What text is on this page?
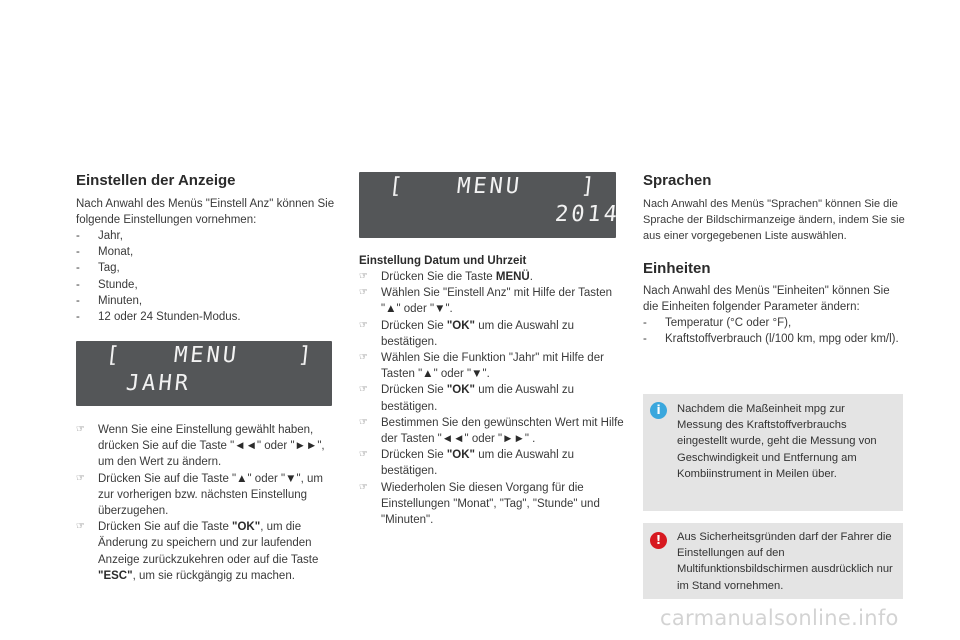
Einstellen der Anzeige

Nach Anwahl des Menüs "Einstell Anz" können Sie folgende Einstellungen vornehmen:

- Jahr,
- Monat,
- Tag,
- Stunde,
- Minuten,
- 12 oder 24 Stunden-Modus.
[ MENU	]
JAHR
☞ Wenn Sie eine Einstellung gewählt haben, drücken Sie auf die Taste "◄◄" oder "►►", um den Wert zu ändern.
☞ Drücken Sie auf die Taste "▲" oder "▼", um zur vorherigen bzw. nächsten Einstellung überzugehen.
☞ Drücken Sie auf die Taste "OK", um die Änderung zu speichern und zur laufenden Anzeige zurückzukehren oder auf die Taste "ESC", um sie rückgängig zu machen.
[ MENU	]
2014

Einstellung Datum und Uhrzeit

☞ Drücken Sie die Taste MENÜ.
☞ Wählen Sie "Einstell Anz" mit Hilfe der Tasten "▲" oder "▼".
☞ Drücken Sie "OK" um die Auswahl zu bestätigen.
☞ Wählen Sie die Funktion "Jahr" mit Hilfe der Tasten "▲" oder "▼".
☞ Drücken Sie "OK" um die Auswahl zu bestätigen.
☞ Bestimmen Sie den gewünschten Wert mit Hilfe der Tasten "◄◄" oder "►►" .
☞ Drücken Sie "OK" um die Auswahl zu bestätigen.
☞ Wiederholen Sie diesen Vorgang für die Einstellungen "Monat", "Tag", "Stunde" und "Minuten".
Sprachen

Nach Anwahl des Menüs "Sprachen" können Sie die Sprache der Bildschirmanzeige ändern, indem Sie sie aus einer vorgegebenen Liste auswählen.

Einheiten

Nach Anwahl des Menüs "Einheiten" können Sie die Einheiten folgender Parameter ändern:

- Temperatur (°C oder °F),
- Kraftstoffverbrauch (l/100 km, mpg oder km/l).
i	Nachdem die Maßeinheit mpg zur Messung des Kraftstoffverbrauchs eingestellt wurde, geht die Messung von Geschwindigkeit und Entfernung am Kombiinstrument in Meilen über.

!	Aus Sicherheitsgründen darf der Fahrer die Einstellungen auf den Multifunktionsbildschirmen ausdrücklich nur im Stand vornehmen.

carmanualsonline.info
